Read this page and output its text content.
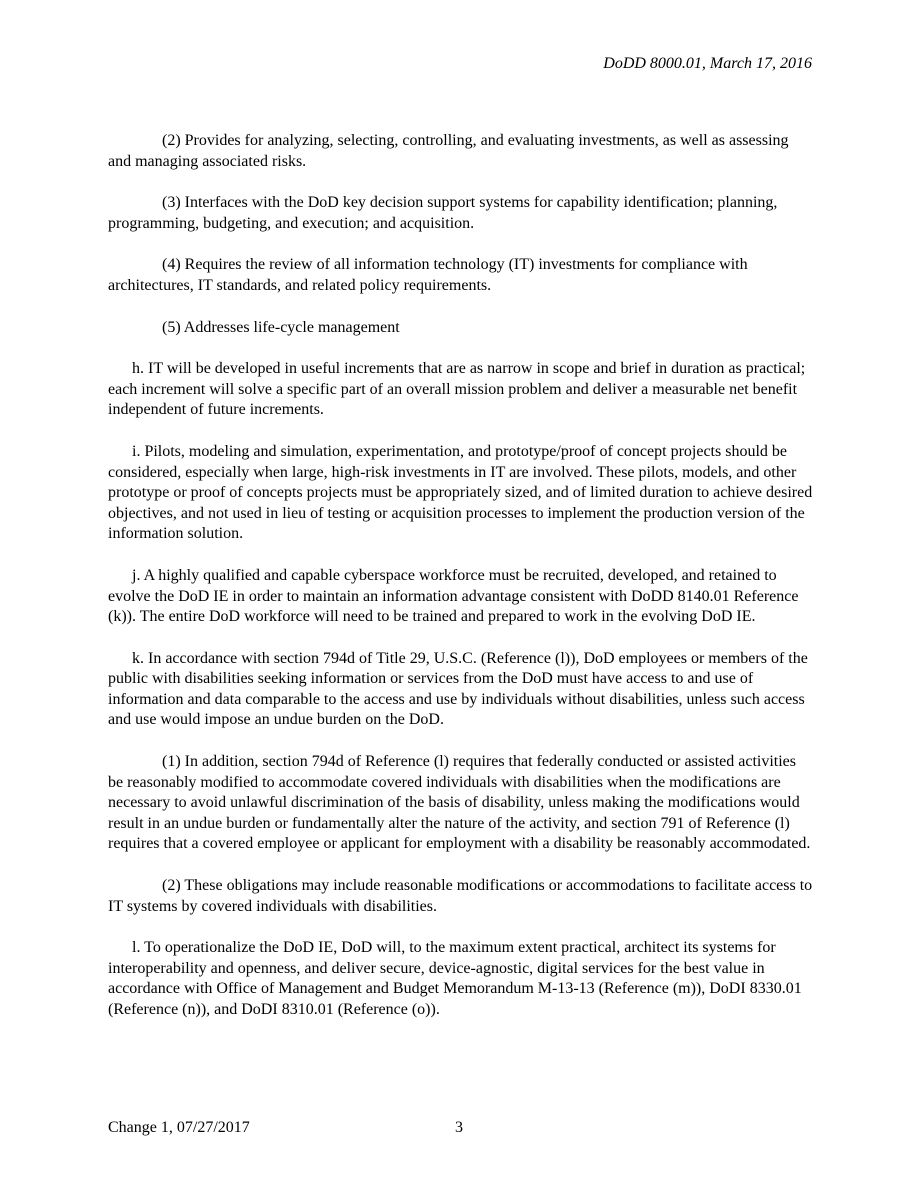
DoDD 8000.01, March 17, 2016

(2) Provides for analyzing, selecting, controlling, and evaluating investments, as well as assessing and managing associated risks.

(3) Interfaces with the DoD key decision support systems for capability identification; planning, programming, budgeting, and execution; and acquisition.

(4) Requires the review of all information technology (IT) investments for compliance with architectures, IT standards, and related policy requirements.

(5) Addresses life-cycle management

h. IT will be developed in useful increments that are as narrow in scope and brief in duration as practical; each increment will solve a specific part of an overall mission problem and deliver a measurable net benefit independent of future increments.

i. Pilots, modeling and simulation, experimentation, and prototype/proof of concept projects should be considered, especially when large, high-risk investments in IT are involved. These pilots, models, and other prototype or proof of concepts projects must be appropriately sized, and of limited duration to achieve desired objectives, and not used in lieu of testing or acquisition processes to implement the production version of the information solution.

j. A highly qualified and capable cyberspace workforce must be recruited, developed, and retained to evolve the DoD IE in order to maintain an information advantage consistent with DoDD 8140.01 Reference (k)). The entire DoD workforce will need to be trained and prepared to work in the evolving DoD IE.

k. In accordance with section 794d of Title 29, U.S.C. (Reference (l)), DoD employees or members of the public with disabilities seeking information or services from the DoD must have access to and use of information and data comparable to the access and use by individuals without disabilities, unless such access and use would impose an undue burden on the DoD.

(1) In addition, section 794d of Reference (l) requires that federally conducted or assisted activities be reasonably modified to accommodate covered individuals with disabilities when the modifications are necessary to avoid unlawful discrimination of the basis of disability, unless making the modifications would result in an undue burden or fundamentally alter the nature of the activity, and section 791 of Reference (l) requires that a covered employee or applicant for employment with a disability be reasonably accommodated.

(2) These obligations may include reasonable modifications or accommodations to facilitate access to IT systems by covered individuals with disabilities.

l. To operationalize the DoD IE, DoD will, to the maximum extent practical, architect its systems for interoperability and openness, and deliver secure, device-agnostic, digital services for the best value in accordance with Office of Management and Budget Memorandum M-13-13 (Reference (m)), DoDI 8330.01 (Reference (n)), and DoDI 8310.01 (Reference (o)).

Change 1, 07/27/2017	3
